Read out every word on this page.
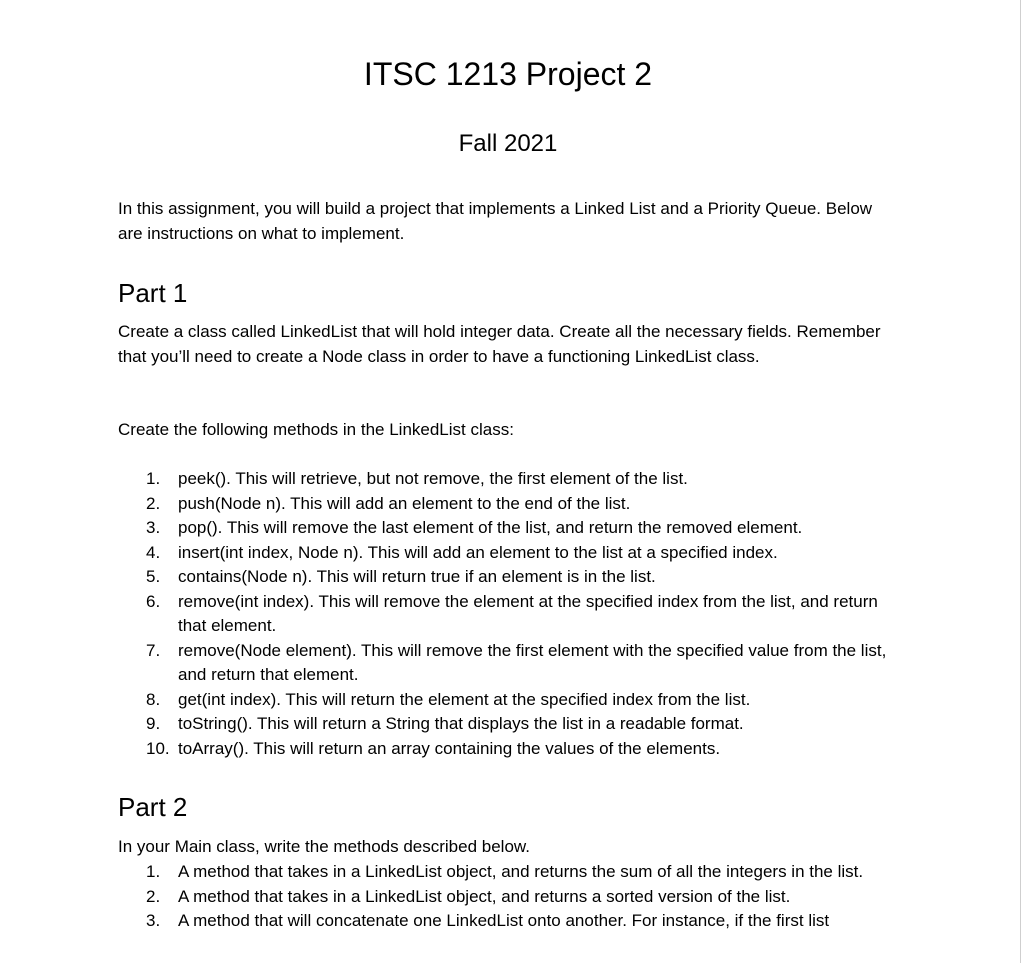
ITSC 1213 Project 2
Fall 2021

In this assignment, you will build a project that implements a Linked List and a Priority Queue. Below are instructions on what to implement.

Part 1

Create a class called LinkedList that will hold integer data. Create all the necessary fields. Remember that you’ll need to create a Node class in order to have a functioning LinkedList class.

Create the following methods in the LinkedList class:

1. peek(). This will retrieve, but not remove, the first element of the list.
2. push(Node n). This will add an element to the end of the list.
3. pop(). This will remove the last element of the list, and return the removed element.
4. insert(int index, Node n). This will add an element to the list at a specified index.
5. contains(Node n). This will return true if an element is in the list.
6. remove(int index). This will remove the element at the specified index from the list, and return that element.
7. remove(Node element). This will remove the first element with the specified value from the list, and return that element.
8. get(int index). This will return the element at the specified index from the list.
9. toString(). This will return a String that displays the list in a readable format.
10. toArray(). This will return an array containing the values of the elements.
Part 2

In your Main class, write the methods described below.

1. A method that takes in a LinkedList object, and returns the sum of all the integers in the list.
2. A method that takes in a LinkedList object, and returns a sorted version of the list.
3. A method that will concatenate one LinkedList onto another. For instance, if the first list
